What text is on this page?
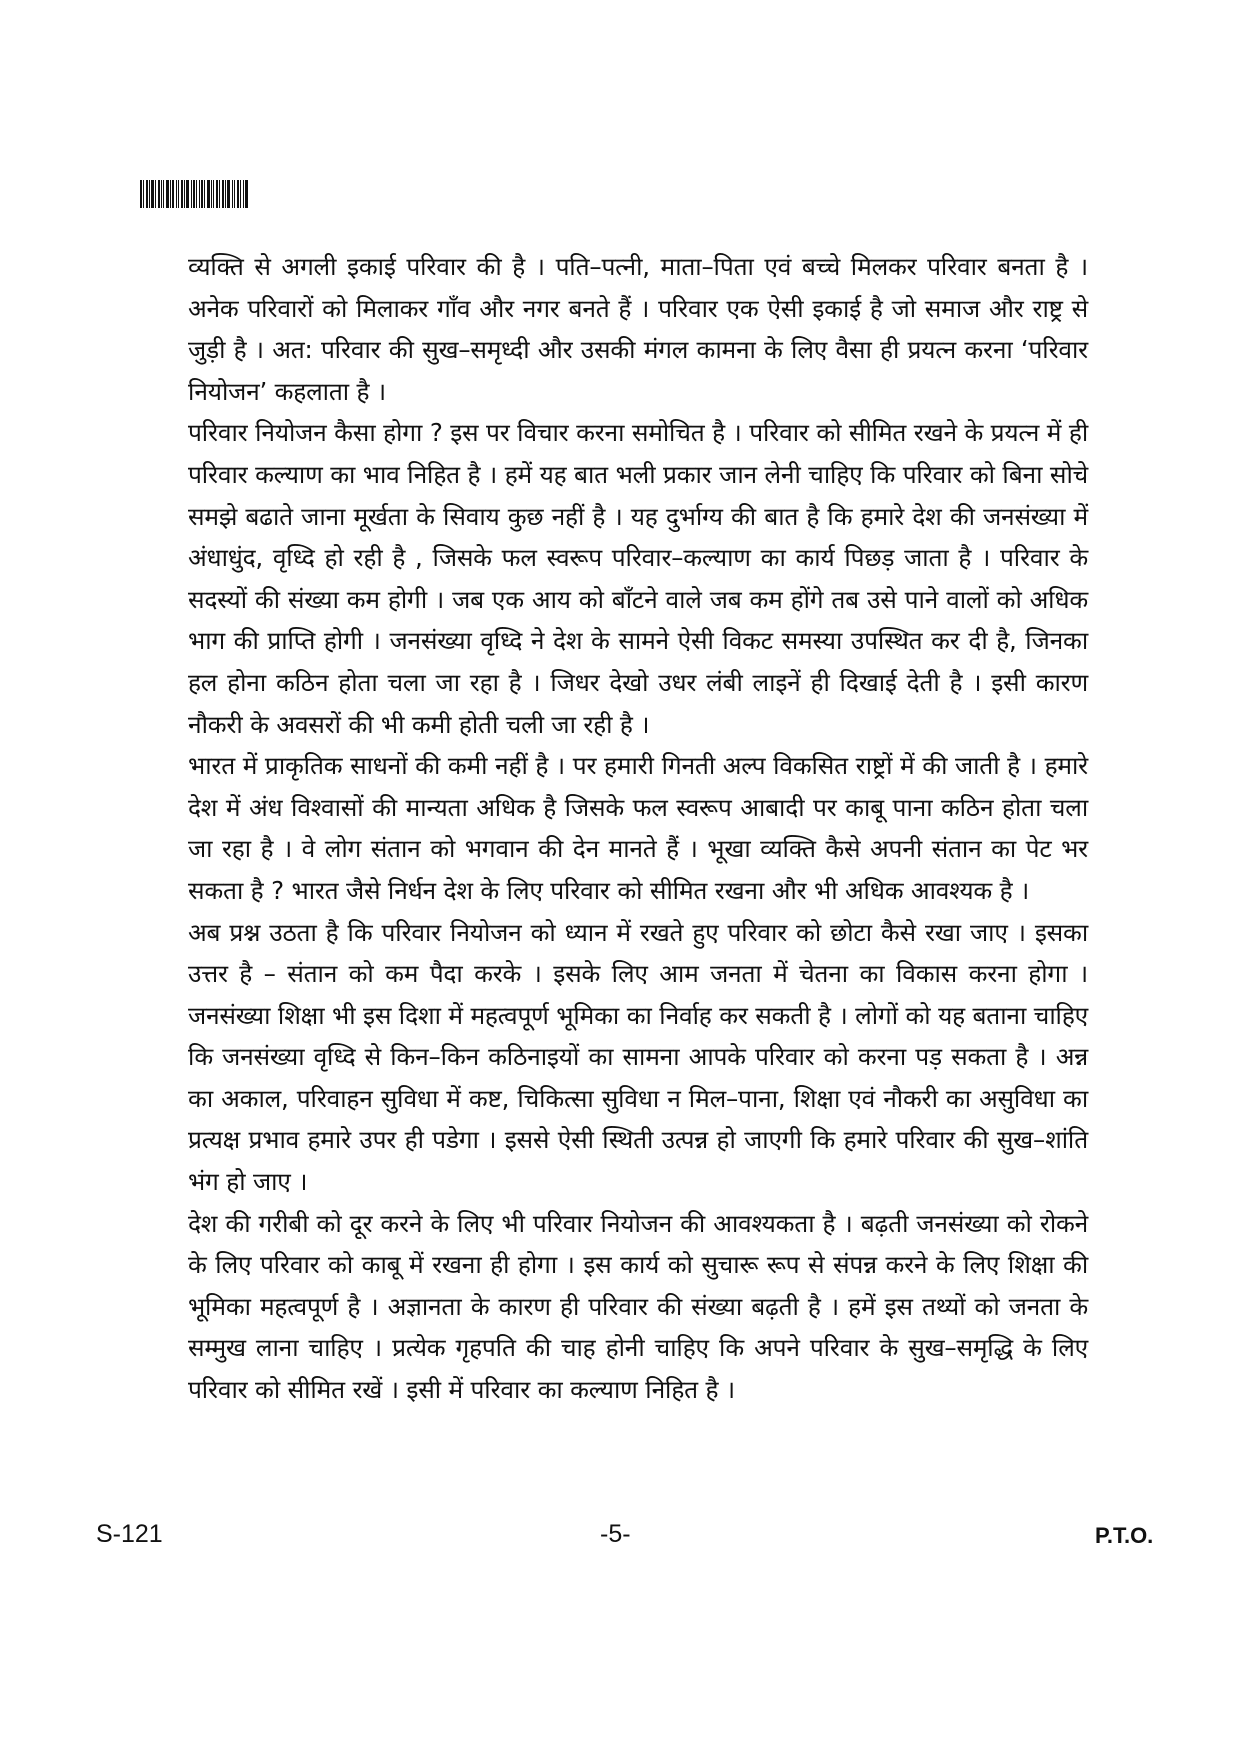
व्यक्ति से अगली इकाई परिवार की है । पति–पत्नी, माता–पिता एवं बच्चे मिलकर परिवार बनता है । अनेक परिवारों को मिलाकर गाँव और नगर बनते हैं । परिवार एक ऐसी इकाई है जो समाज और राष्ट्र से जुड़ी है । अत: परिवार की सुख–समृध्दी और उसकी मंगल कामना के लिए वैसा ही प्रयत्न करना ‘परिवार नियोजन’ कहलाता है ।

परिवार नियोजन कैसा होगा ? इस पर विचार करना समोचित है । परिवार को सीमित रखने के प्रयत्न में ही परिवार कल्याण का भाव निहित है । हमें यह बात भली प्रकार जान लेनी चाहिए कि परिवार को बिना सोचे समझे बढाते जाना मूर्खता के सिवाय कुछ नहीं है । यह दुर्भाग्य की बात है कि हमारे देश की जनसंख्या में अंधाधुंद, वृध्दि हो रही है , जिसके फल स्वरूप परिवार–कल्याण का कार्य पिछड़ जाता है । परिवार के सदस्यों की संख्या कम होगी । जब एक आय को बाँटने वाले जब कम होंगे तब उसे पाने वालों को अधिक भाग की प्राप्ति होगी । जनसंख्या वृध्दि ने देश के सामने ऐसी विकट समस्या उपस्थित कर दी है, जिनका हल होना कठिन होता चला जा रहा है । जिधर देखो उधर लंबी लाइनें ही दिखाई देती है । इसी कारण नौकरी के अवसरों की भी कमी होती चली जा रही है ।

भारत में प्राकृतिक साधनों की कमी नहीं है । पर हमारी गिनती अल्प विकसित राष्ट्रों में की जाती है । हमारे देश में अंध विश्वासों की मान्यता अधिक है जिसके फल स्वरूप आबादी पर काबू पाना कठिन होता चला जा रहा है । वे लोग संतान को भगवान की देन मानते हैं । भूखा व्यक्ति कैसे अपनी संतान का पेट भर सकता है ? भारत जैसे निर्धन देश के लिए परिवार को सीमित रखना और भी अधिक आवश्यक है ।

अब प्रश्न उठता है कि परिवार नियोजन को ध्यान में रखते हुए परिवार को छोटा कैसे रखा जाए । इसका उत्तर है – संतान को कम पैदा करके । इसके लिए आम जनता में चेतना का विकास करना होगा । जनसंख्या शिक्षा भी इस दिशा में महत्वपूर्ण भूमिका का निर्वाह कर सकती है । लोगों को यह बताना चाहिए कि जनसंख्या वृध्दि से किन–किन कठिनाइयों का सामना आपके परिवार को करना पड़ सकता है । अन्न का अकाल, परिवाहन सुविधा में कष्ट, चिकित्सा सुविधा न मिल–पाना, शिक्षा एवं नौकरी का असुविधा का प्रत्यक्ष प्रभाव हमारे उपर ही पडेगा । इससे ऐसी स्थिती उत्पन्न हो जाएगी कि हमारे परिवार की सुख–शांति भंग हो जाए ।

देश की गरीबी को दूर करने के लिए भी परिवार नियोजन की आवश्यकता है । बढ़ती जनसंख्या को रोकने के लिए परिवार को काबू में रखना ही होगा । इस कार्य को सुचारू रूप से संपन्न करने के लिए शिक्षा की भूमिका महत्वपूर्ण है । अज्ञानता के कारण ही परिवार की संख्या बढ़ती है । हमें इस तथ्यों को जनता के सम्मुख लाना चाहिए । प्रत्येक गृहपति की चाह होनी चाहिए कि अपने परिवार के सुख–समृद्धि के लिए परिवार को सीमित रखें । इसी में परिवार का कल्याण निहित है ।

S-121	-5-	P.T.O.
